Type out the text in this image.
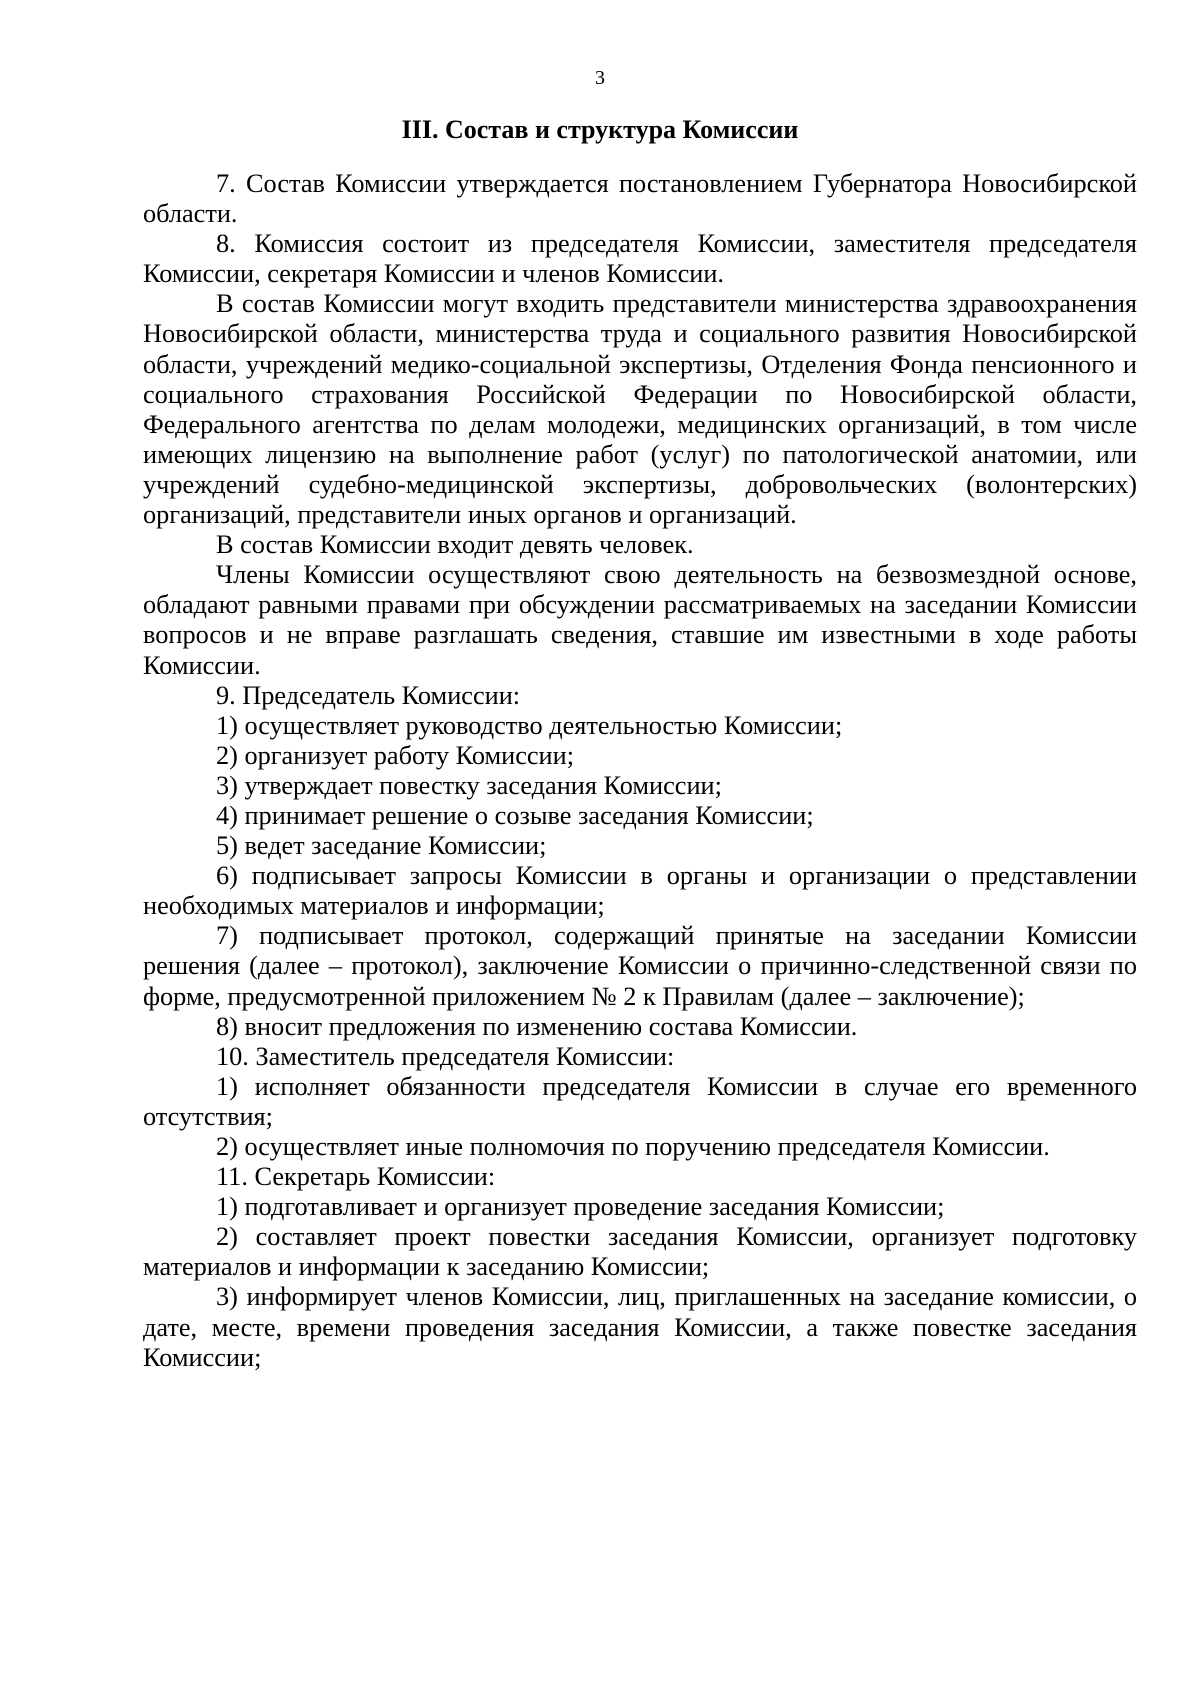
3
III. Состав и структура Комиссии

7. Состав Комиссии утверждается постановлением Губернатора Новосибирской области.

8. Комиссия состоит из председателя Комиссии, заместителя председателя Комиссии, секретаря Комиссии и членов Комиссии.

В состав Комиссии могут входить представители министерства здравоохранения Новосибирской области, министерства труда и социального развития Новосибирской области, учреждений медико-социальной экспертизы, Отделения Фонда пенсионного и социального страхования Российской Федерации по Новосибирской области, Федерального агентства по делам молодежи, медицинских организаций, в том числе имеющих лицензию на выполнение работ (услуг) по патологической анатомии, или учреждений судебно-медицинской экспертизы, добровольческих (волонтерских) организаций, представители иных органов и организаций.

В состав Комиссии входит девять человек.

Члены Комиссии осуществляют свою деятельность на безвозмездной основе, обладают равными правами при обсуждении рассматриваемых на заседании Комиссии вопросов и не вправе разглашать сведения, ставшие им известными в ходе работы Комиссии.

9. Председатель Комиссии:

1) осуществляет руководство деятельностью Комиссии;

2) организует работу Комиссии;

3) утверждает повестку заседания Комиссии;

4) принимает решение о созыве заседания Комиссии;

5) ведет заседание Комиссии;

6) подписывает запросы Комиссии в органы и организации о представлении необходимых материалов и информации;

7) подписывает протокол, содержащий принятые на заседании Комиссии решения (далее – протокол), заключение Комиссии о причинно-следственной связи по форме, предусмотренной приложением № 2 к Правилам (далее – заключение);

8) вносит предложения по изменению состава Комиссии.

10. Заместитель председателя Комиссии:

1) исполняет обязанности председателя Комиссии в случае его временного отсутствия;

2) осуществляет иные полномочия по поручению председателя Комиссии.

11. Секретарь Комиссии:

1) подготавливает и организует проведение заседания Комиссии;

2) составляет проект повестки заседания Комиссии, организует подготовку материалов и информации к заседанию Комиссии;

3) информирует членов Комиссии, лиц, приглашенных на заседание комиссии, о дате, месте, времени проведения заседания Комиссии, а также повестке заседания Комиссии;
